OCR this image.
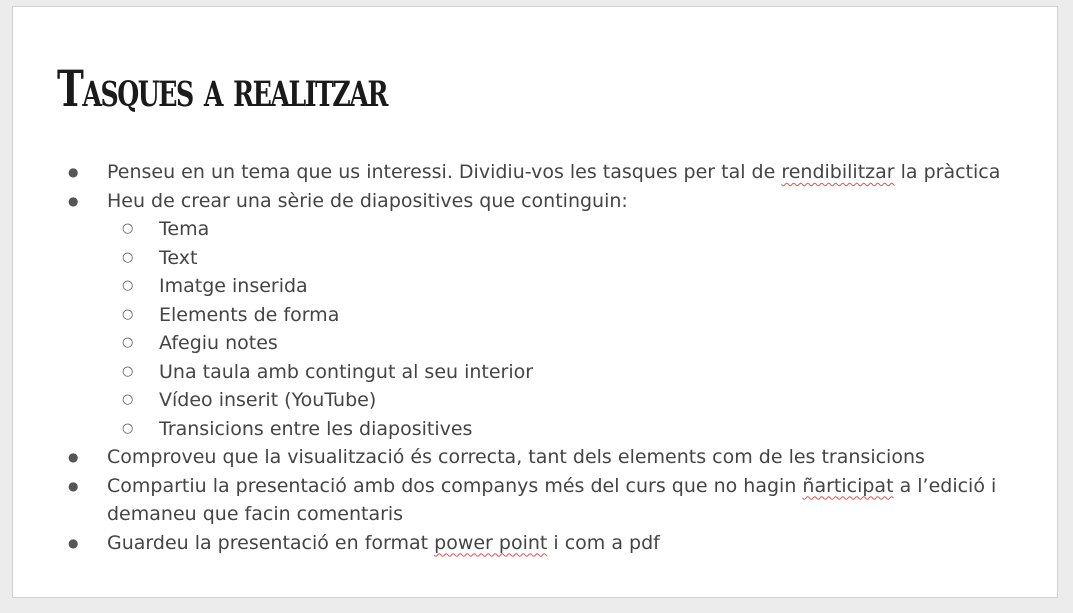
Tasques a realitzar
● Penseu en un tema que us interessi. Dividiu-vos les tasques per tal de rendibilitzar la pràctica
● Heu de crear una sèrie de diapositives que continguin:
○ Tema
○ Text
○ Imatge inserida
○ Elements de forma
○ Afegiu notes
○ Una taula amb contingut al seu interior
○ Vídeo inserit (YouTube)
○ Transicions entre les diapositives
● Comproveu que la visualització és correcta, tant dels elements com de les transicions
● Compartiu la presentació amb dos companys més del curs que no hagin ñarticipat a l’edició i demaneu que facin comentaris
● Guardeu la presentació en format power point i com a pdf
